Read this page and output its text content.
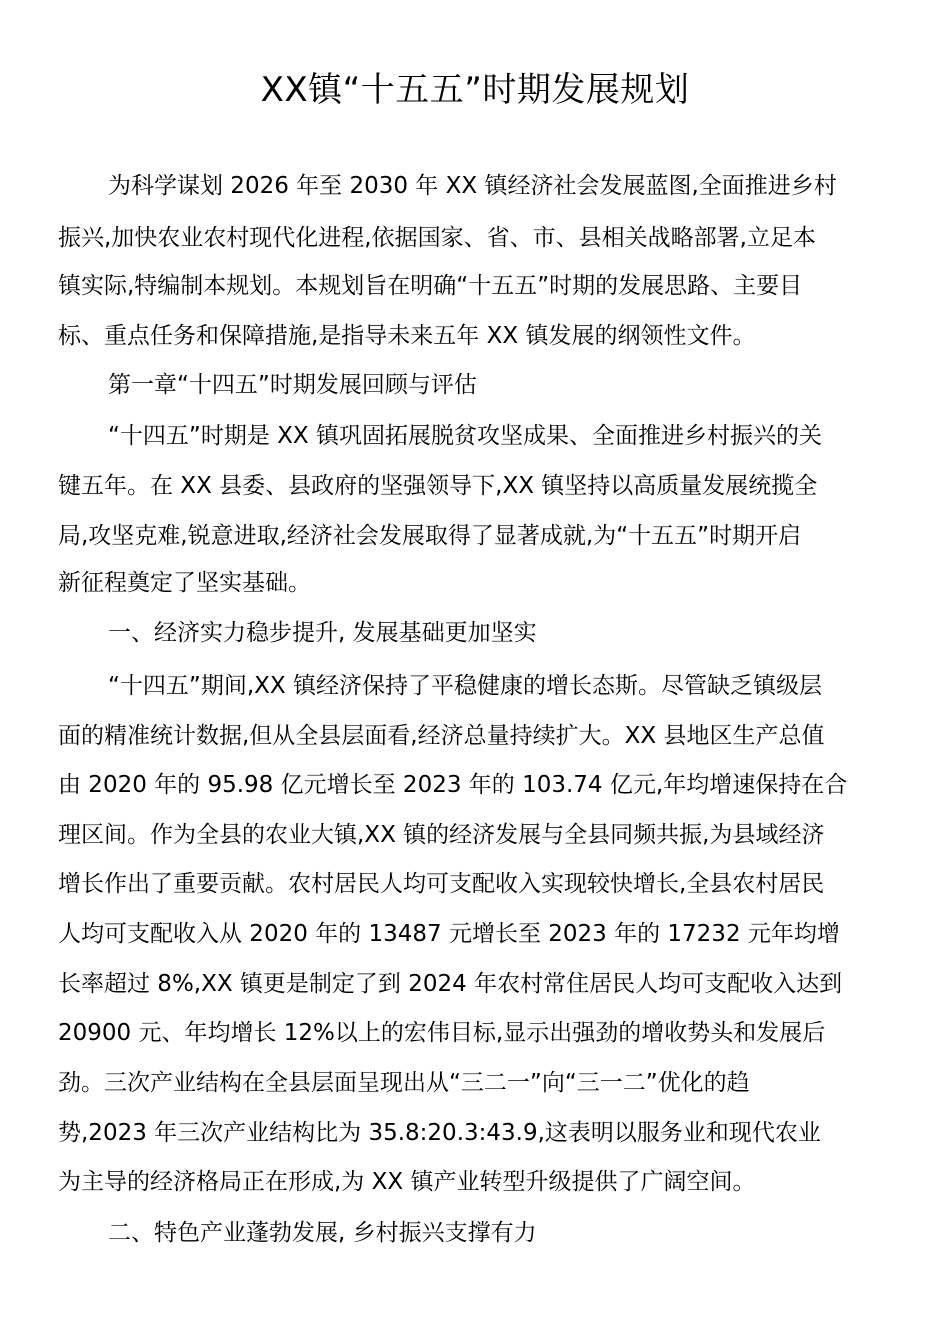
XX镇“十五五”时期发展规划
为科学谋划 2026 年至 2030 年 XX 镇经济社会发展蓝图,全面推进乡村
振兴,加快农业农村现代化进程,依据国家、省、市、县相关战略部署,立足本
镇实际,特编制本规划。本规划旨在明确“十五五”时期的发展思路、主要目
标、重点任务和保障措施,是指导未来五年 XX 镇发展的纲领性文件。
第一章“十四五”时期发展回顾与评估
“十四五”时期是 XX 镇巩固拓展脱贫攻坚成果、全面推进乡村振兴的关
键五年。在 XX 县委、县政府的坚强领导下,XX 镇坚持以高质量发展统揽全
局,攻坚克难,锐意进取,经济社会发展取得了显著成就,为“十五五”时期开启
新征程奠定了坚实基础。
一、经济实力稳步提升, 发展基础更加坚实
“十四五”期间,XX 镇经济保持了平稳健康的增长态斯。尽管缺乏镇级层
面的精准统计数据,但从全县层面看,经济总量持续扩大。XX 县地区生产总值
由 2020 年的 95.98 亿元增长至 2023 年的 103.74 亿元,年均增速保持在合
理区间。作为全县的农业大镇,XX 镇的经济发展与全县同频共振,为县域经济
增长作出了重要贡献。农村居民人均可支配收入实现较快增长,全县农村居民
人均可支配收入从 2020 年的 13487 元增长至 2023 年的 17232 元年均增
长率超过 8%,XX 镇更是制定了到 2024 年农村常住居民人均可支配收入达到
20900 元、年均增长 12%以上的宏伟目标,显示出强劲的增收势头和发展后
劲。三次产业结构在全县层面呈现出从“三二一”向“三一二”优化的趋
势,2023 年三次产业结构比为 35.8:20.3:43.9,这表明以服务业和现代农业
为主导的经济格局正在形成,为 XX 镇产业转型升级提供了广阔空间。
二、特色产业蓬勃发展, 乡村振兴支撑有力
